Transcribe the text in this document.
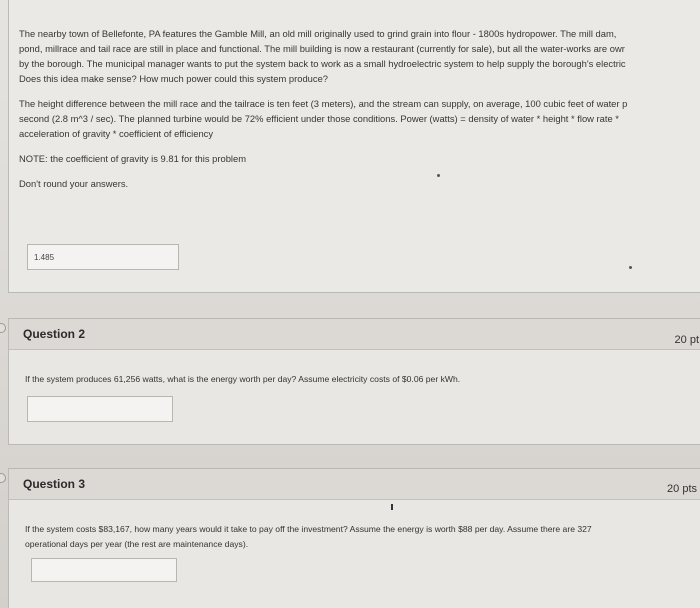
The nearby town of Bellefonte, PA features the Gamble Mill, an old mill originally used to grind grain into flour - 1800s hydropower. The mill dam,
pond, millrace and tail race are still in place and functional. The mill building is now a restaurant (currently for sale), but all the water-works are owr
by the borough. The municipal manager wants to put the system back to work as a small hydroelectric system to help supply the borough's electric
Does this idea make sense? How much power could this system produce?

The height difference between the mill race and the tailrace is ten feet (3 meters), and the stream can supply, on average, 100 cubic feet of water p
second (2.8 m^3 / sec). The planned turbine would be 72% efficient under those conditions. Power (watts) = density of water * height * flow rate *
acceleration of gravity * coefficient of efficiency

NOTE: the coefficient of gravity is 9.81 for this problem

Don't round your answers.

1.485
Question 2	20 pt
If the system produces 61,256 watts, what is the energy worth per day? Assume electricity costs of $0.06 per kWh.
Question 3	20 pts
If the system costs $83,167, how many years would it take to pay off the investment? Assume the energy is worth $88 per day. Assume there are 327
operational days per year (the rest are maintenance days).
